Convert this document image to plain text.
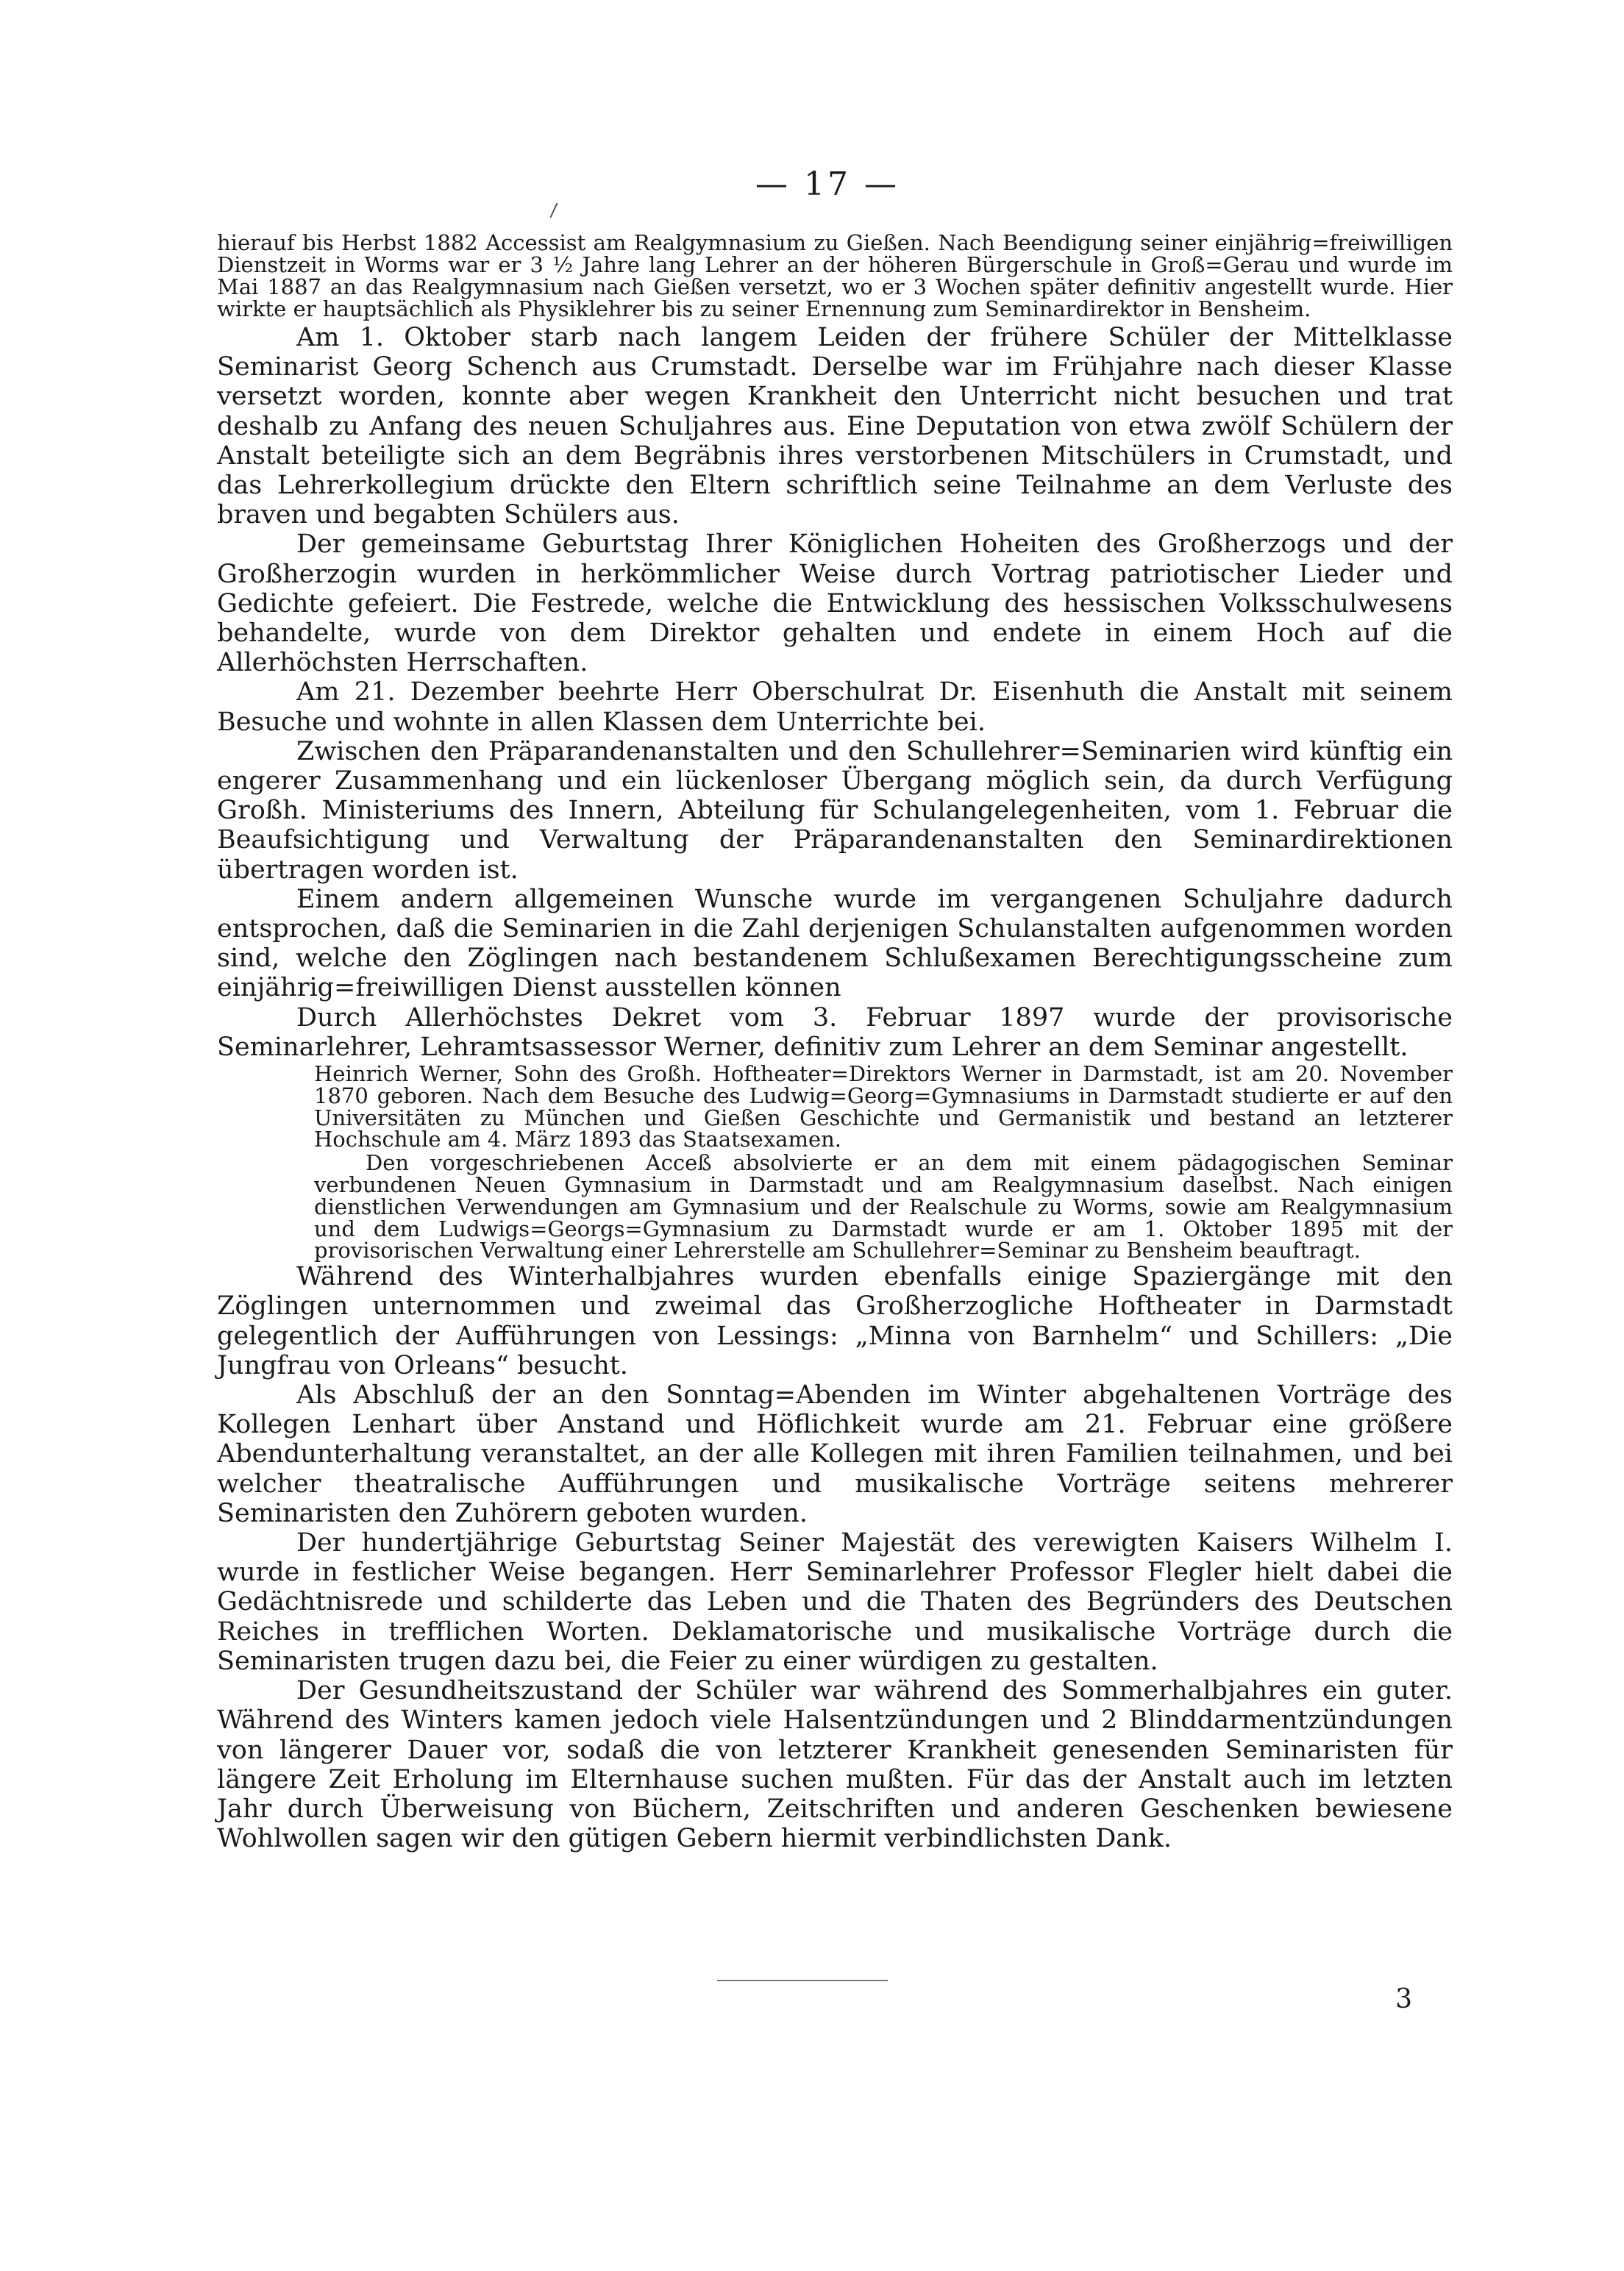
— 17 —

hierauf bis Herbst 1882 Accessist am Realgymnasium zu Gießen. Nach Beendigung seiner einjährig=freiwilligen Dienstzeit in Worms war er 3 ½ Jahre lang Lehrer an der höheren Bürgerschule in Groß=Gerau und wurde im Mai 1887 an das Realgymnasium nach Gießen versetzt, wo er 3 Wochen später definitiv angestellt wurde. Hier wirkte er hauptsächlich als Physiklehrer bis zu seiner Ernennung zum Seminardirektor in Bensheim.

Am 1. Oktober starb nach langem Leiden der frühere Schüler der Mittelklasse Seminarist Georg Schench aus Crumstadt. Derselbe war im Frühjahre nach dieser Klasse versetzt worden, konnte aber wegen Krankheit den Unterricht nicht besuchen und trat deshalb zu Anfang des neuen Schuljahres aus. Eine Deputation von etwa zwölf Schülern der Anstalt beteiligte sich an dem Begräbnis ihres verstorbenen Mitschülers in Crumstadt, und das Lehrerkollegium drückte den Eltern schriftlich seine Teilnahme an dem Verluste des braven und begabten Schülers aus.

Der gemeinsame Geburtstag Ihrer Königlichen Hoheiten des Großherzogs und der Großherzogin wurden in herkömmlicher Weise durch Vortrag patriotischer Lieder und Gedichte gefeiert. Die Festrede, welche die Entwicklung des hessischen Volksschulwesens behandelte, wurde von dem Direktor gehalten und endete in einem Hoch auf die Allerhöchsten Herrschaften.

Am 21. Dezember beehrte Herr Oberschulrat Dr. Eisenhuth die Anstalt mit seinem Besuche und wohnte in allen Klassen dem Unterrichte bei.

Zwischen den Präparandenanstalten und den Schullehrer=Seminarien wird künftig ein engerer Zusammenhang und ein lückenloser Übergang möglich sein, da durch Verfügung Großh. Ministeriums des Innern, Abteilung für Schulangelegenheiten, vom 1. Februar die Beaufsichtigung und Verwaltung der Präparandenanstalten den Seminardirektionen übertragen worden ist.

Einem andern allgemeinen Wunsche wurde im vergangenen Schuljahre dadurch entsprochen, daß die Seminarien in die Zahl derjenigen Schulanstalten aufgenommen worden sind, welche den Zöglingen nach bestandenem Schlußexamen Berechtigungsscheine zum einjährig=freiwilligen Dienst ausstellen können

Durch Allerhöchstes Dekret vom 3. Februar 1897 wurde der provisorische Seminarlehrer, Lehramtsassessor Werner, definitiv zum Lehrer an dem Seminar angestellt.

Heinrich Werner, Sohn des Großh. Hoftheater=Direktors Werner in Darmstadt, ist am 20. November 1870 geboren. Nach dem Besuche des Ludwig=Georg=Gymnasiums in Darmstadt studierte er auf den Universitäten zu München und Gießen Geschichte und Germanistik und bestand an letzterer Hochschule am 4. März 1893 das Staatsexamen.

Den vorgeschriebenen Acceß absolvierte er an dem mit einem pädagogischen Seminar verbundenen Neuen Gymnasium in Darmstadt und am Realgymnasium daselbst. Nach einigen dienstlichen Verwendungen am Gymnasium und der Realschule zu Worms, sowie am Realgymnasium und dem Ludwigs=Georgs=Gymnasium zu Darmstadt wurde er am 1. Oktober 1895 mit der provisorischen Verwaltung einer Lehrerstelle am Schullehrer=Seminar zu Bensheim beauftragt.

Während des Winterhalbjahres wurden ebenfalls einige Spaziergänge mit den Zöglingen unternommen und zweimal das Großherzogliche Hoftheater in Darmstadt gelegentlich der Aufführungen von Lessings: „Minna von Barnhelm“ und Schillers: „Die Jungfrau von Orleans“ besucht.

Als Abschluß der an den Sonntag=Abenden im Winter abgehaltenen Vorträge des Kollegen Lenhart über Anstand und Höflichkeit wurde am 21. Februar eine größere Abendunterhaltung veranstaltet, an der alle Kollegen mit ihren Familien teilnahmen, und bei welcher theatralische Aufführungen und musikalische Vorträge seitens mehrerer Seminaristen den Zuhörern geboten wurden.

Der hundertjährige Geburtstag Seiner Majestät des verewigten Kaisers Wilhelm I. wurde in festlicher Weise begangen. Herr Seminarlehrer Professor Flegler hielt dabei die Gedächtnisrede und schilderte das Leben und die Thaten des Begründers des Deutschen Reiches in trefflichen Worten. Deklamatorische und musikalische Vorträge durch die Seminaristen trugen dazu bei, die Feier zu einer würdigen zu gestalten.

Der Gesundheitszustand der Schüler war während des Sommerhalbjahres ein guter. Während des Winters kamen jedoch viele Halsentzündungen und 2 Blinddarmentzündungen von längerer Dauer vor, sodaß die von letzterer Krankheit genesenden Seminaristen für längere Zeit Erholung im Elternhause suchen mußten. Für das der Anstalt auch im letzten Jahr durch Überweisung von Büchern, Zeitschriften und anderen Geschenken bewiesene Wohlwollen sagen wir den gütigen Gebern hiermit verbindlichsten Dank.

3
